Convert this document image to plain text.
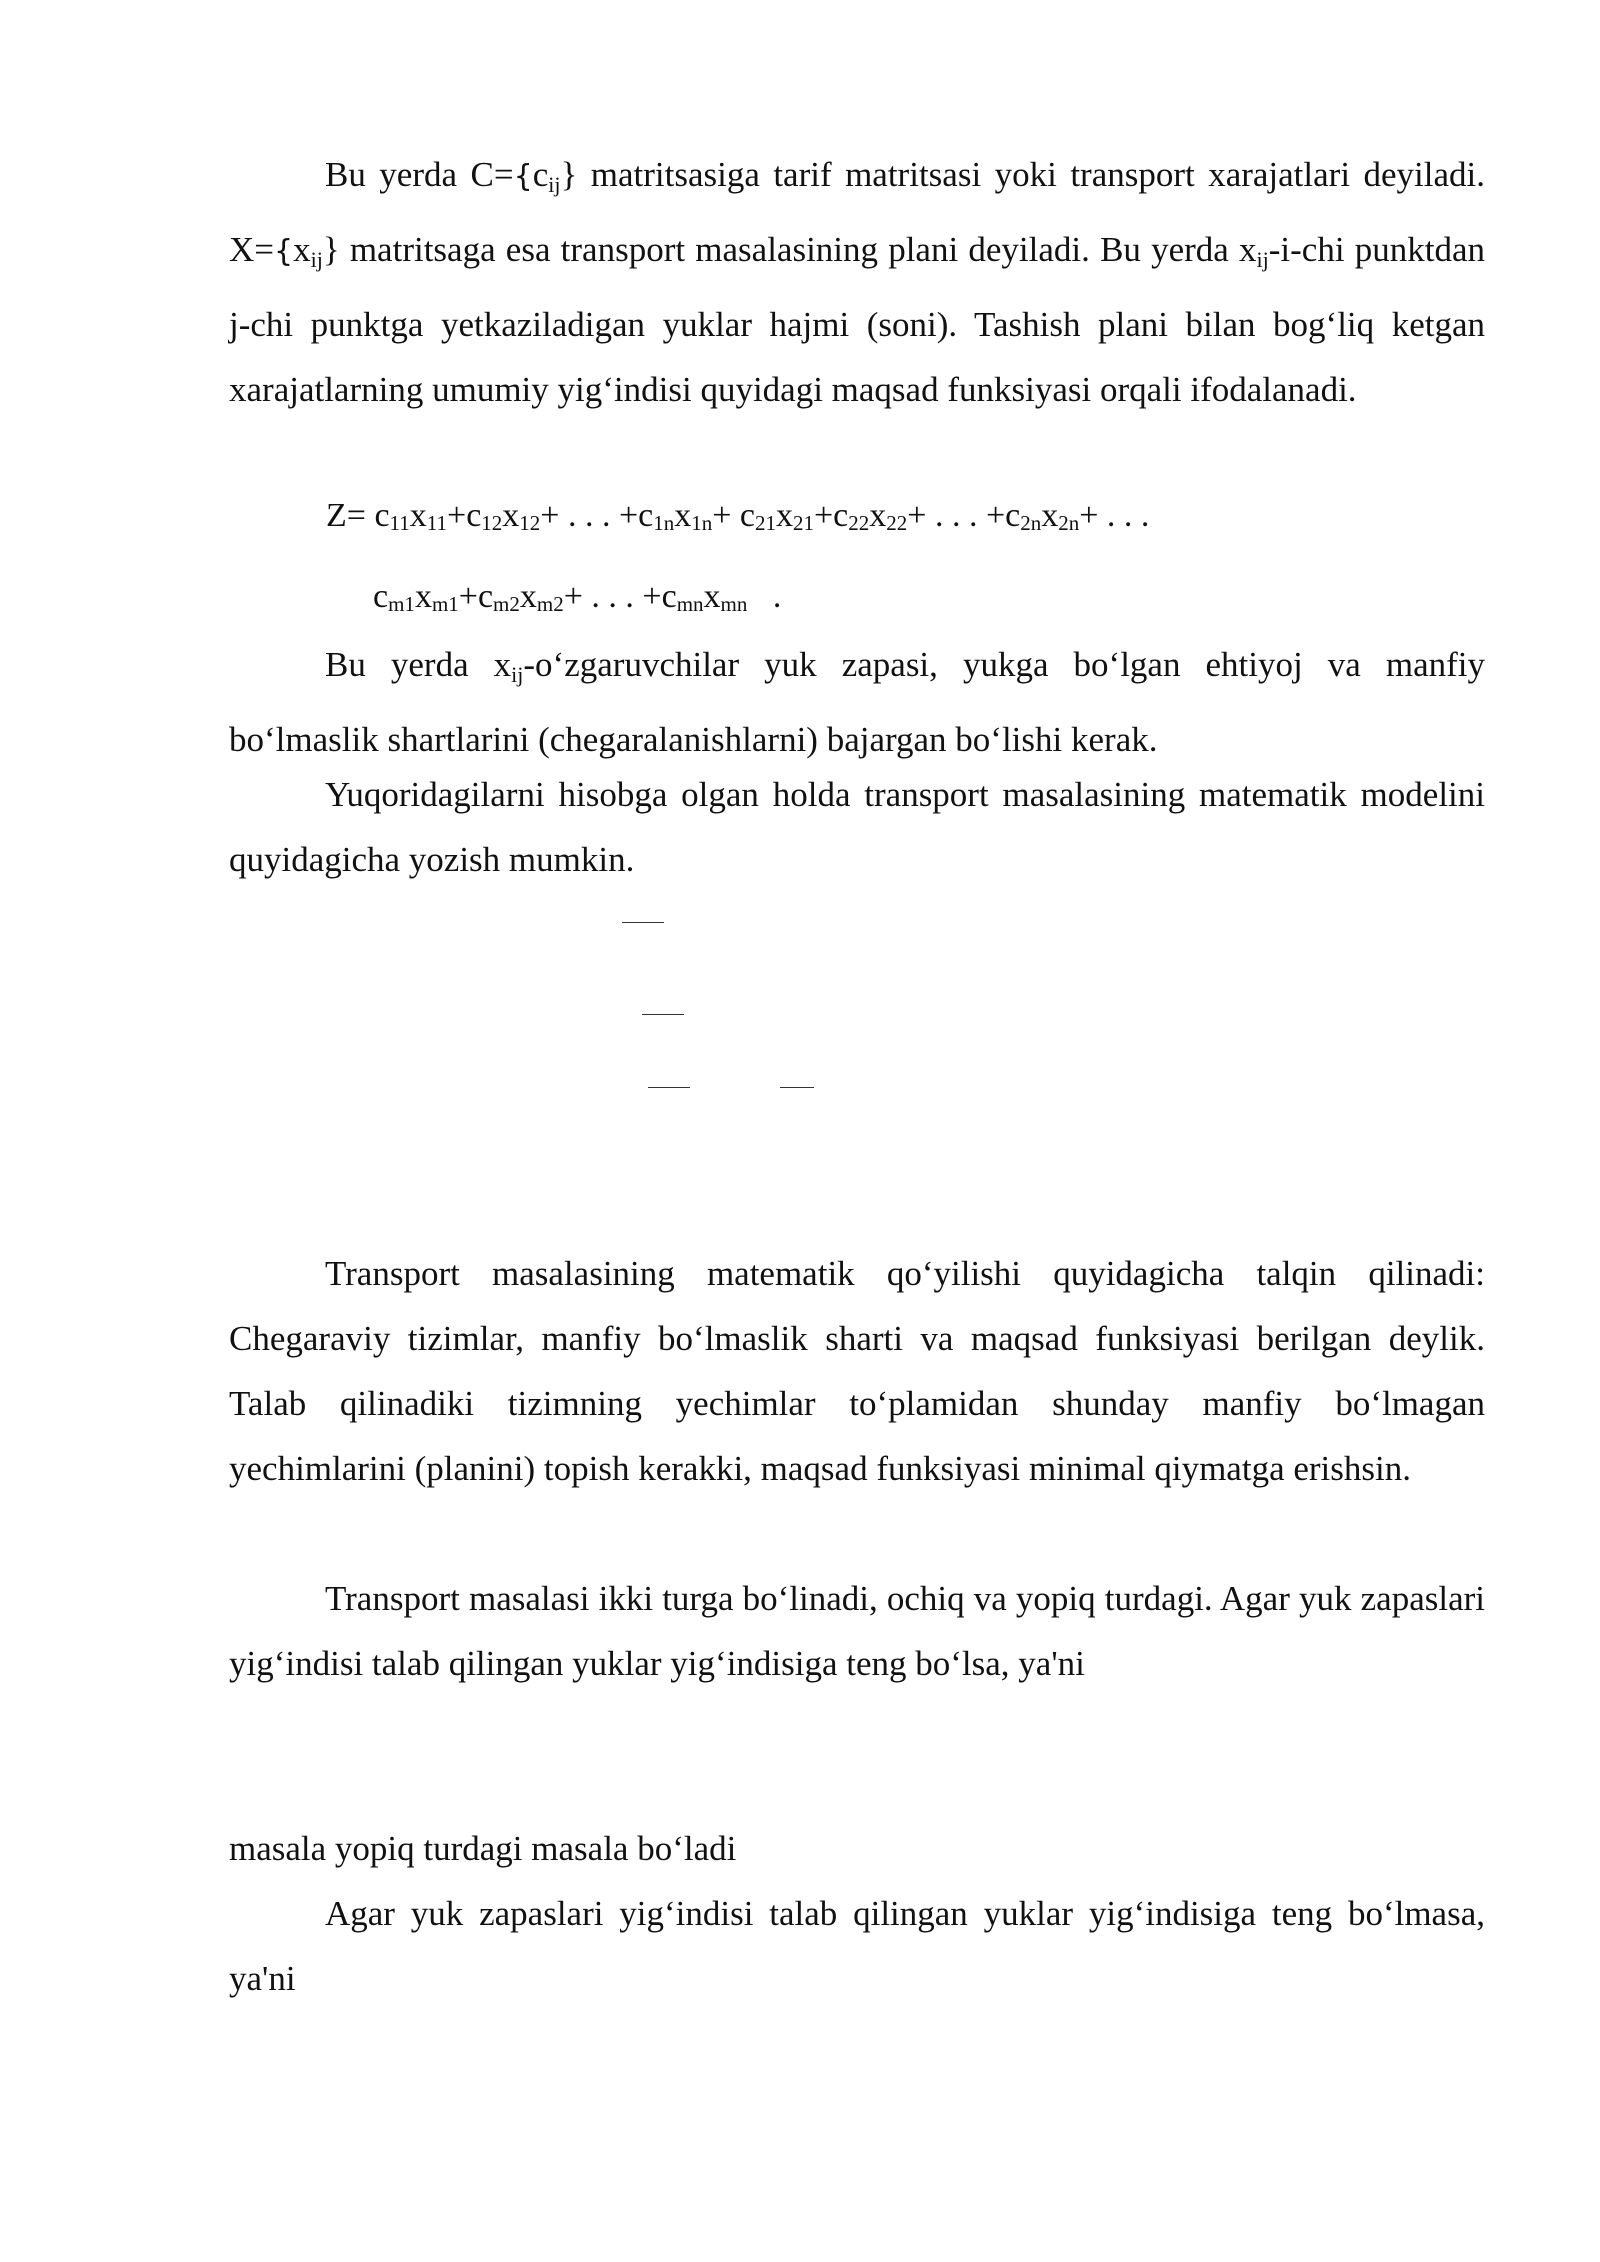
Bu yerda $C=\{c_{ij}\}$ matritsasiga tarif matritsasi yoki transport xarajatlari deyiladi. $X=\{x_{ij}\}$ matritsaga esa transport masalasining plani deyiladi. Bu yerda $x_{ij}-i$-chi punktdan j-chi punktga yetkaziladigan yuklar hajmi (soni). Tashish plani bilan bog‘liq ketgan xarajatlarning umumiy yig‘indisi quyidagi maqsad funksiyasi orqali ifodalanadi.

$Z= c_{11}x_{11}+c_{12}x_{12}+$ . . . $+c_{1n}x_{1n}+ c_{21}x_{21}+c_{22}x_{22}+$ . . . $+c_{2n}x_{2n}+$ . . .
$c_{m1}x_{m1}+c_{m2}x_{m2}+$ . . . $+c_{mn}x_{mn}$   .

Bu yerda $x_{ij}-o‘zgaruvchilar$ yuk zapasi, yukga bo‘lgan ehtiyoj va manfiy bo‘lmaslik shartlarini (chegaralanishlarni) bajargan bo‘lishi kerak.

Yuqoridagilarni hisobga olgan holda transport masalasining matematik modelini quyidagicha yozish mumkin.

Transport masalasining matematik qo‘yilishi quyidagicha talqin qilinadi: Chegaraviy tizimlar, manfiy bo‘lmaslik sharti va maqsad funksiyasi berilgan deylik. Talab qilinadiki tizimning yechimlar to‘plamidan shunday manfiy bo‘lmagan yechimlarini (planini) topish kerakki, maqsad funksiyasi minimal qiymatga erishsin.

Transport masalasi ikki turga bo‘linadi, ochiq va yopiq turdagi. Agar yuk zapaslari yig‘indisi talab qilingan yuklar yig‘indisiga teng bo‘lsa, ya'ni

masala yopiq turdagi masala bo‘ladi

Agar yuk zapaslari yig‘indisi talab qilingan yuklar yig‘indisiga teng bo‘lmasa, ya'ni
